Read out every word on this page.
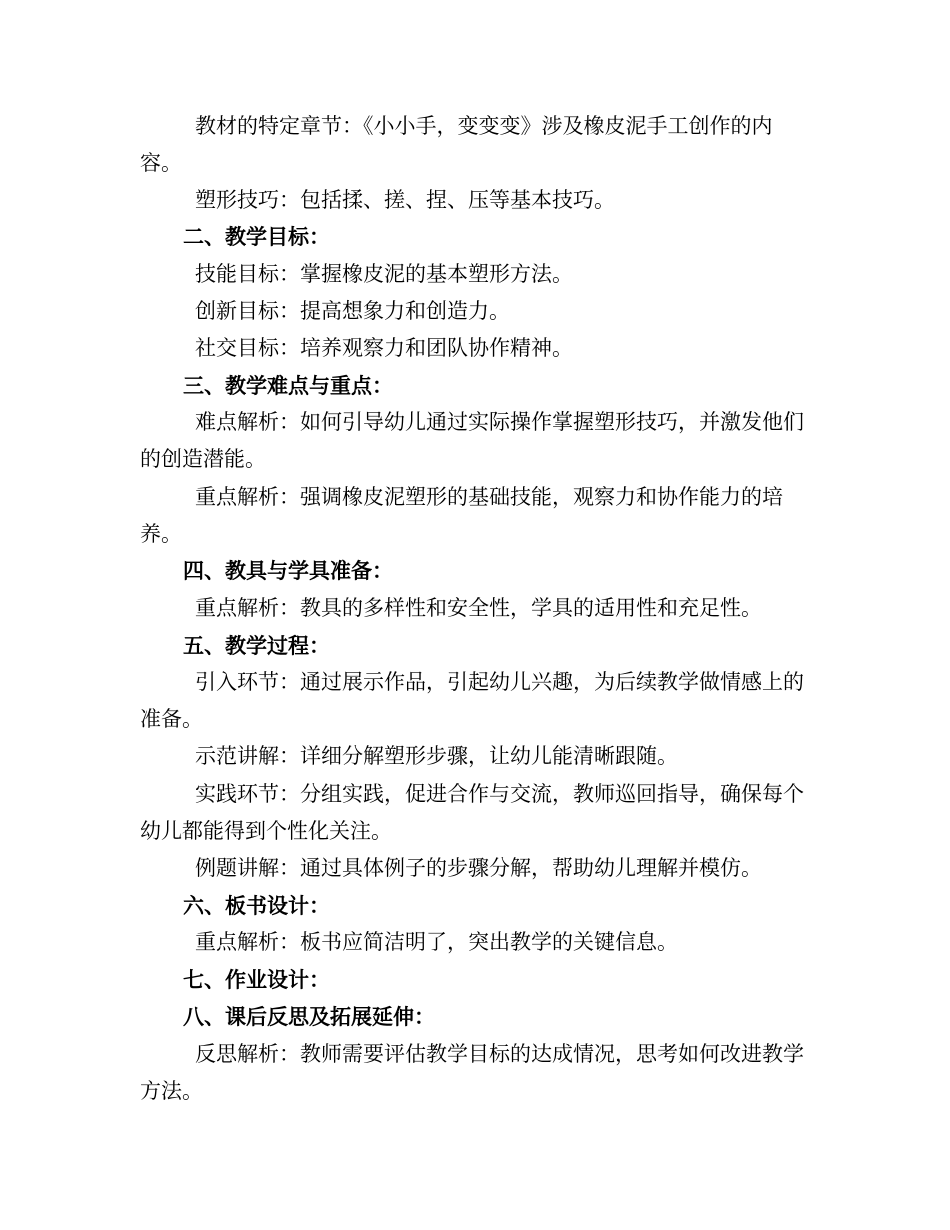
教材的特定章节：《小小手，变变变》涉及橡皮泥手工创作的内容。
塑形技巧：包括揉、搓、捏、压等基本技巧。
二、教学目标：
技能目标：掌握橡皮泥的基本塑形方法。
创新目标：提高想象力和创造力。
社交目标：培养观察力和团队协作精神。
三、教学难点与重点：
难点解析：如何引导幼儿通过实际操作掌握塑形技巧，并激发他们的创造潜能。
重点解析：强调橡皮泥塑形的基础技能，观察力和协作能力的培养。
四、教具与学具准备：
重点解析：教具的多样性和安全性，学具的适用性和充足性。
五、教学过程：
引入环节：通过展示作品，引起幼儿兴趣，为后续教学做情感上的准备。
示范讲解：详细分解塑形步骤，让幼儿能清晰跟随。
实践环节：分组实践，促进合作与交流，教师巡回指导，确保每个幼儿都能得到个性化关注。
例题讲解：通过具体例子的步骤分解，帮助幼儿理解并模仿。
六、板书设计：
重点解析：板书应简洁明了，突出教学的关键信息。
七、作业设计：
八、课后反思及拓展延伸：
反思解析：教师需要评估教学目标的达成情况，思考如何改进教学方法。
